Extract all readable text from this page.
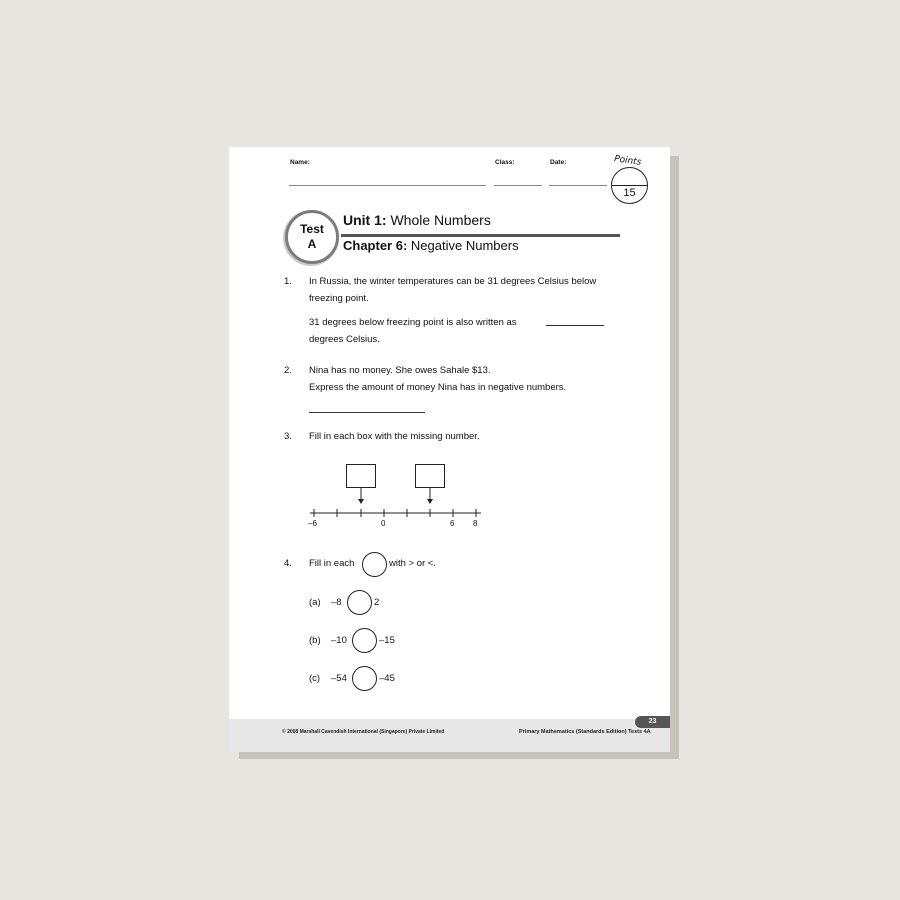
Name:	Class:	Date:	Points
15
Test
A
Unit 1: Whole Numbers
Chapter 6: Negative Numbers
1. In Russia, the winter temperatures can be 31 degrees Celsius below
freezing point.
31 degrees below freezing point is also written as
degrees Celsius.
2. Nina has no money. She owes Sahale $13.
Express the amount of money Nina has in negative numbers.
3. Fill in each box with the missing number.
–6	0	6 8
4. Fill in each	with > or <.
(a) –8	2
(b) –10	–15
(c) –54	–45
23
© 2008 Marshall Cavendish International (Singapore) Private Limited	Primary Mathematics (Standards Edition) Tests 4A
